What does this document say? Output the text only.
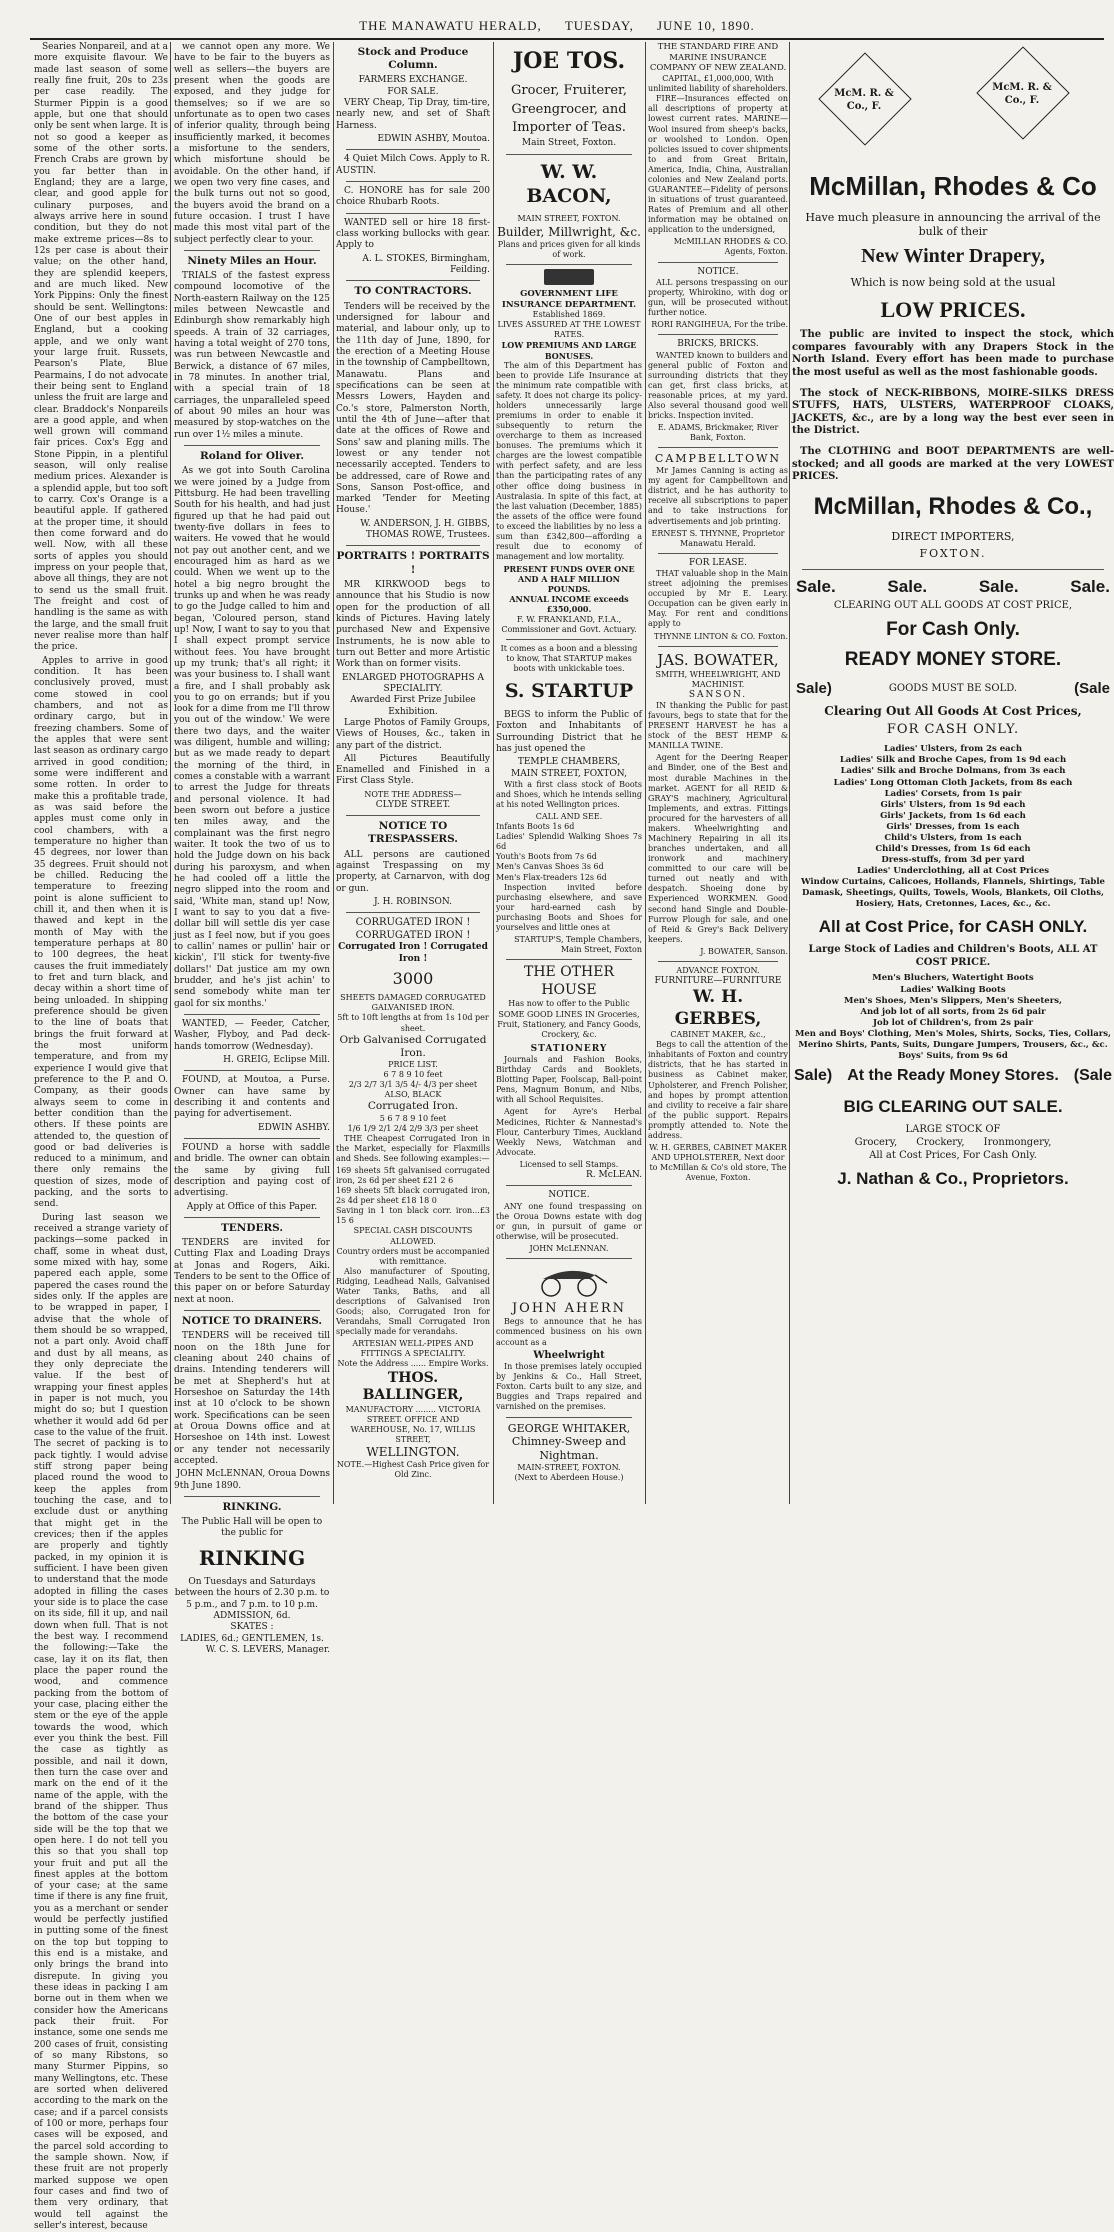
THE MANAWATU HERALD, TUESDAY, JUNE 10, 1890.

Searies Nonpareil, and at a more exquisite flavour. We made last season of some really fine fruit, 20s to 23s per case readily. The Sturmer Pippin is a good apple, but one that should only be sent when large. It is not so good a keeper as some of the other sorts. French Crabs are grown by you far better than in England; they are a large, clear, and good apple for culinary purposes, and always arrive here in sound condition, but they do not make extreme prices—8s to 12s per case is about their value; on the other hand, they are splendid keepers, and are much liked. New York Pippins: Only the finest should be sent. Wellingtons: One of our best apples in England, but a cooking apple, and we only want your large fruit. Russets, Pearson's Plate, Blue Pearmains, I do not advocate their being sent to England unless the fruit are large and clear. Braddock's Nonpareils are a good apple, and when well grown will command fair prices. Cox's Egg and Stone Pippin, in a plentiful season, will only realise medium prices. Alexander is a splendid apple, but too soft to carry. Cox's Orange is a beautiful apple. If gathered at the proper time, it should then come forward and do well. Now, with all these sorts of apples you should impress on your people that, above all things, they are not to send us the small fruit. The freight and cost of handling is the same as with the large, and the small fruit never realise more than half the price.

Apples to arrive in good condition. It has been conclusively proved, must come stowed in cool chambers, and not as ordinary cargo, but in freezing chambers. Some of the apples that were sent last season as ordinary cargo arrived in good condition; some were indifferent and some rotten. In order to make this a profitable trade, as was said before the apples must come only in cool chambers, with a temperature no higher than 45 degrees, nor lower than 35 degrees. Fruit should not be chilled. Reducing the temperature to freezing point is alone sufficient to chill it, and then when it is thawed and kept in the month of May with the temperature perhaps at 80 to 100 degrees, the heat causes the fruit immediately to fret and turn black, and decay within a short time of being unloaded. In shipping preference should be given to the line of boats that brings the fruit forward at the most uniform temperature, and from my experience I would give that preference to the P. and O. Company, as their goods always seem to come in better condition than the others. If these points are attended to, the question of good or bad deliveries is reduced to a minimum, and there only remains the question of sizes, mode of packing, and the sorts to send.

During last season we received a strange variety of packings—some packed in chaff, some in wheat dust, some mixed with hay, some papered each apple, some papered the cases round the sides only. If the apples are to be wrapped in paper, I advise that the whole of them should be so wrapped, not a part only. Avoid chaff and dust by all means, as they only depreciate the value. If the best of wrapping your finest apples in paper is not much, you might do so; but I question whether it would add 6d per case to the value of the fruit. The secret of packing is to pack tightly. I would advise stiff strong paper being placed round the wood to keep the apples from touching the case, and to exclude dust or anything that might get in the crevices; then if the apples are properly and tightly packed, in my opinion it is sufficient. I have been given to understand that the mode adopted in filling the cases your side is to place the case on its side, fill it up, and nail down when full. That is not the best way. I recommend the following:—Take the case, lay it on its flat, then place the paper round the wood, and commence packing from the bottom of your case, placing either the stem or the eye of the apple towards the wood, which ever you think the best. Fill the case as tightly as possible, and nail it down, then turn the case over and mark on the end of it the name of the apple, with the brand of the shipper. Thus the bottom of the case your side will be the top that we open here. I do not tell you this so that you shall top your fruit and put all the finest apples at the bottom of your case; at the same time if there is any fine fruit, you as a merchant or sender would be perfectly justified in putting some of the finest on the top but topping to this end is a mistake, and only brings the brand into disrepute. In giving you these ideas in packing I am borne out in them when we consider how the Americans pack their fruit. For instance, some one sends me 200 cases of fruit, consisting of so many Ribstons, so many Sturmer Pippins, so many Wellingtons, etc. These are sorted when delivered according to the mark on the case; and if a parcel consists of 100 or more, perhaps four cases will be exposed, and the parcel sold according to the sample shown. Now, if these fruit are not properly marked suppose we open four cases and find two of them very ordinary, that would tell against the seller's interest, because

we cannot open any more. We have to be fair to the buyers as well as sellers—the buyers are present when the goods are exposed, and they judge for themselves; so if we are so unfortunate as to open two cases of inferior quality, through being insufficiently marked, it becomes a misfortune to the senders, which misfortune should be avoidable. On the other hand, if we open two very fine cases, and the bulk turns out not so good, the buyers avoid the brand on a future occasion. I trust I have made this most vital part of the subject perfectly clear to your.

Ninety Miles an Hour.

TRIALS of the fastest express compound locomotive of the North-eastern Railway on the 125 miles between Newcastle and Edinburgh show remarkably high speeds. A train of 32 carriages, having a total weight of 270 tons, was run between Newcastle and Berwick, a distance of 67 miles, in 78 minutes. In another trial, with a special train of 18 carriages, the unparalleled speed of about 90 miles an hour was measured by stop-watches on the run over 1½ miles a minute.

Roland for Oliver.

As we got into South Carolina we were joined by a Judge from Pittsburg. He had been travelling South for his health, and had just figured up that he had paid out twenty-five dollars in fees to waiters. He vowed that he would not pay out another cent, and we encouraged him as hard as we could. When we went up to the hotel a big negro brought the trunks up and when he was ready to go the Judge called to him and began, 'Coloured person, stand up! Now, I want to say to you that I shall expect prompt service without fees. You have brought up my trunk; that's all right; it was your business to. I shall want a fire, and I shall probably ask you to go on errands; but if you look for a dime from me I'll throw you out of the window.' We were there two days, and the waiter was diligent, humble and willing; but as we made ready to depart the morning of the third, in comes a constable with a warrant to arrest the Judge for threats and personal violence. It had been sworn out before a justice ten miles away, and the complainant was the first negro waiter. It took the two of us to hold the Judge down on his back during his paroxysm, and when he had cooled off a little the negro slipped into the room and said, 'White man, stand up! Now, I want to say to you dat a five-dollar bill will settle dis yer case just as I feel now, but if you goes to callin' names or pullin' hair or kickin', I'll stick for twenty-five dollars!' Dat justice am my own brudder, and he's jist achin' to send somebody white man ter gaol for six months.'

WANTED, — Feeder, Catcher, Washer, Flyboy, and Pad deck-hands tomorrow (Wednesday).

H. GREIG, Eclipse Mill.

FOUND, at Moutoa, a Purse. Owner can have same by describing it and contents and paying for advertisement.

EDWIN ASHBY.

FOUND a horse with saddle and bridle. The owner can obtain the same by giving full description and paying cost of advertising.

Apply at Office of this Paper.
TENDERS.

TENDERS are invited for Cutting Flax and Loading Drays at Jonas and Rogers, Aiki. Tenders to be sent to the Office of this paper on or before Saturday next at noon.

NOTICE TO DRAINERS.

TENDERS will be received till noon on the 18th June for cleaning about 240 chains of drains. Intending tenderers will be met at Shepherd's hut at Horseshoe on Saturday the 14th inst at 10 o'clock to be shown work. Specifications can be seen at Oroua Downs office and at Horseshoe on 14th inst. Lowest or any tender not necessarily accepted.

JOHN McLENNAN, Oroua Downs
9th June 1890.
RINKING.
The Public Hall will be open to the public for
RINKING
On Tuesdays and Saturdays between the hours of 2.30 p.m. to 5 p.m., and 7 p.m. to 10 p.m.
ADMISSION, 6d.
SKATES :
LADIES, 6d.; GENTLEMEN, 1s.
W. C. S. LEVERS, Manager.
Stock and Produce Column.
FARMERS EXCHANGE.
FOR SALE.

VERY Cheap, Tip Dray, tim-tire, nearly new, and set of Shaft Harness.

EDWIN ASHBY, Moutoa.

4 Quiet Milch Cows. Apply to R. AUSTIN.

C. HONORE has for sale 200 choice Rhubarb Roots.

WANTED sell or hire 18 first-class working bullocks with gear. Apply to

A. L. STOKES, Birmingham, Feilding.
TO CONTRACTORS.

Tenders will be received by the undersigned for labour and material, and labour only, up to the 11th day of June, 1890, for the erection of a Meeting House in the township of Campbelltown, Manawatu. Plans and specifications can be seen at Messrs Lowers, Hayden and Co.'s store, Palmerston North, until the 4th of June—after that date at the offices of Rowe and Sons' saw and planing mills. The lowest or any tender not necessarily accepted. Tenders to be addressed, care of Rowe and Sons, Sanson Post-office, and marked 'Tender for Meeting House.'

W. ANDERSON, J. H. GIBBS, THOMAS ROWE, Trustees.
PORTRAITS ! PORTRAITS !

MR KIRKWOOD begs to announce that his Studio is now open for the production of all kinds of Pictures. Having lately purchased New and Expensive Instruments, he is now able to turn out Better and more Artistic Work than on former visits.

ENLARGED PHOTOGRAPHS A SPECIALITY.
Awarded First Prize Jubilee Exhibition.

Large Photos of Family Groups, Views of Houses, &c., taken in any part of the district.

All Pictures Beautifully Enamelled and Finished in a First Class Style.

NOTE THE ADDRESS—
CLYDE STREET.
NOTICE TO TRESPASSERS.

ALL persons are cautioned against Trespassing on my property, at Carnarvon, with dog or gun.

J. H. ROBINSON.
CORRUGATED IRON !
CORRUGATED IRON !
Corrugated Iron ! Corrugated Iron !
3000
SHEETS DAMAGED CORRUGATED GALVANISED IRON.
5ft to 10ft lengths at from 1s 10d per sheet.
Orb Galvanised Corrugated Iron.
PRICE LIST.
6 7 8 9 10 feet
2/3 2/7 3/1 3/5 4/- 4/3 per sheet
ALSO, BLACK
Corrugated Iron.
5 6 7 8 9 10 feet
1/6 1/9 2/1 2/4 2/9 3/3 per sheet

THE Cheapest Corrugated Iron in the Market, especially for Flaxmills and Sheds. See following examples:—

169 sheets 5ft galvanised corrugated iron, 2s 6d per sheet £21 2 6
169 sheets 5ft black corrugated iron, 2s 4d per sheet £18 18 0
Saving in 1 ton black corr. iron...£3 15 6
SPECIAL CASH DISCOUNTS ALLOWED.
Country orders must be accompanied with remittance.

Also manufacturer of Spouting, Ridging, Leadhead Nails, Galvanised Water Tanks, Baths, and all descriptions of Galvanised Iron Goods; also, Corrugated Iron for Verandahs, Small Corrugated Iron specially made for verandahs.

ARTESIAN WELL-PIPES AND FITTINGS A SPECIALITY.
Note the Address ...... Empire Works.
THOS. BALLINGER,
MANUFACTORY ........ VICTORIA STREET. OFFICE AND WAREHOUSE, No. 17, WILLIS STREET,
WELLINGTON.
NOTE.—Highest Cash Price given for Old Zinc.
JOE TOS.
Grocer, Fruiterer, Greengrocer, and Importer of Teas.
Main Street, Foxton.
W. W. BACON,
MAIN STREET, FOXTON.
Builder, Millwright, &c.
Plans and prices given for all kinds of work.
GOVERNMENT LIFE INSURANCE DEPARTMENT.
Established 1869.
LIVES ASSURED AT THE LOWEST RATES.
LOW PREMIUMS AND LARGE BONUSES.

The aim of this Department has been to provide Life Insurance at the minimum rate compatible with safety. It does not charge its policy-holders unnecessarily large premiums in order to enable it subsequently to return the overcharge to them as increased bonuses. The premiums which it charges are the lowest compatible with perfect safety, and are less than the participating rates of any other office doing business in Australasia. In spite of this fact, at the last valuation (December, 1885) the assets of the office were found to exceed the liabilities by no less a sum than £342,800—affording a result due to economy of management and low mortality.

PRESENT FUNDS OVER ONE AND A HALF MILLION POUNDS.
ANNUAL INCOME exceeds £350,000.
F. W. FRANKLAND, F.I.A., Commissioner and Govt. Actuary.
It comes as a boon and a blessing to know, That STARTUP makes boots with unkickable toes.
S. STARTUP

BEGS to inform the Public of Foxton and Inhabitants of Surrounding District that he has just opened the

TEMPLE CHAMBERS,
MAIN STREET, FOXTON,

With a first class stock of Boots and Shoes, which he intends selling at his noted Wellington prices.

CALL AND SEE.
Infants Boots 1s 6d
Ladies' Splendid Walking Shoes 7s 6d
Youth's Boots from 7s 6d
Men's Canvas Shoes 3s 6d
Men's Flax-treaders 12s 6d

Inspection invited before purchasing elsewhere, and save your hard-earned cash by purchasing Boots and Shoes for yourselves and little ones at

STARTUP'S, Temple Chambers, Main Street, Foxton
THE OTHER HOUSE
Has now to offer to the Public SOME GOOD LINES IN Groceries, Fruit, Stationery, and Fancy Goods, Crockery, &c.
STATIONERY

Journals and Fashion Books, Birthday Cards and Booklets, Blotting Paper, Foolscap, Ball-point Pens, Magnum Bonum, and Nibs, with all School Requisites.

Agent for Ayre's Herbal Medicines, Richter & Nannestad's Flour, Canterbury Times, Auckland Weekly News, Watchman and Advocate.

Licensed to sell Stamps.
R. McLEAN.
NOTICE.

ANY one found trespassing on the Oroua Downs estate with dog or gun, in pursuit of game or otherwise, will be prosecuted.

JOHN McLENNAN.
JOHN AHERN

Begs to announce that he has commenced business on his own account as a

Wheelwright

In those premises lately occupied by Jenkins & Co., Hall Street, Foxton. Carts built to any size, and Buggies and Traps repaired and varnished on the premises.

GEORGE WHITAKER,
Chimney-Sweep and Nightman.
MAIN-STREET, FOXTON.
(Next to Aberdeen House.)
THE STANDARD FIRE AND MARINE INSURANCE COMPANY OF NEW ZEALAND.
CAPITAL, £1,000,000, With unlimited liability of shareholders.

FIRE—Insurances effected on all descriptions of property at lowest current rates. MARINE—Wool insured from sheep's backs, or woolshed to London. Open policies issued to cover shipments to and from Great Britain, America, India, China, Australian colonies and New Zealand ports. GUARANTEE—Fidelity of persons in situations of trust guaranteed. Rates of Premium and all other information may be obtained on application to the undersigned,

McMILLAN RHODES & CO. Agents, Foxton.
NOTICE.

ALL persons trespassing on our property, Whirokino, with dog or gun, will be prosecuted without further notice.

RORI RANGIHEUA, For the tribe.
BRICKS, BRICKS.

WANTED known to builders and general public of Foxton and surrounding districts that they can get, first class bricks, at reasonable prices, at my yard. Also several thousand good well bricks. Inspection invited.

E. ADAMS, Brickmaker, River Bank, Foxton.
CAMPBELLTOWN

Mr James Canning is acting as my agent for Campbelltown and district, and he has authority to receive all subscriptions to paper and to take instructions for advertisements and job printing.

ERNEST S. THYNNE, Proprietor Manawatu Herald.
FOR LEASE.

THAT valuable shop in the Main street adjoining the premises occupied by Mr E. Leary. Occupation can be given early in May. For rent and conditions apply to

THYNNE LINTON & CO. Foxton.
JAS. BOWATER,
SMITH, WHEELWRIGHT, AND MACHINIST.
SANSON.

IN thanking the Public for past favours, begs to state that for the PRESENT HARVEST he has a stock of the BEST HEMP & MANILLA TWINE.

Agent for the Deering Reaper and Binder, one of the Best and most durable Machines in the market. AGENT for all REID & GRAY'S machinery, Agricultural Implements, and extras. Fittings procured for the harvesters of all makers. Wheelwrighting and Machinery Repairing in all its branches undertaken, and all ironwork and machinery committed to our care will be turned out neatly and with despatch. Shoeing done by Experienced WORKMEN. Good second hand Single and Double-Furrow Plough for sale, and one of Reid & Grey's Back Delivery keepers.

J. BOWATER, Sanson.
ADVANCE FOXTON.
FURNITURE—FURNITURE
W. H. GERBES,
CABINET MAKER, &c.,

Begs to call the attention of the inhabitants of Foxton and country districts, that he has started in business as Cabinet maker, Upholsterer, and French Polisher, and hopes by prompt attention and civility to receive a fair share of the public support. Repairs promptly attended to. Note the address.

W. H. GERBES, CABINET MAKER AND UPHOLSTERER, Next door to McMillan & Co's old store, The Avenue, Foxton.
McM. R. & Co., F.
McM. R. & Co., F.
McMillan, Rhodes & Co
Have much pleasure in announcing the arrival of the bulk of their
New Winter Drapery,
Which is now being sold at the usual
LOW PRICES.

The public are invited to inspect the stock, which compares favourably with any Drapers Stock in the North Island. Every effort has been made to purchase the most useful as well as the most fashionable goods.

The stock of NECK-RIBBONS, MOIRE-SILKS DRESS STUFFS, HATS, ULSTERS, WATERPROOF CLOAKS, JACKETS, &c., are by a long way the best ever seen in the District.

The CLOTHING and BOOT DEPARTMENTS are well-stocked; and all goods are marked at the very LOWEST PRICES.

McMillan, Rhodes & Co.,
DIRECT IMPORTERS,
FOXTON.
Sale.	Sale.	Sale.	Sale.
CLEARING OUT ALL GOODS AT COST PRICE,
For Cash Only.
READY MONEY STORE.
Sale)	GOODS MUST BE SOLD.	(Sale
Clearing Out All Goods At Cost Prices,
FOR CASH ONLY.
Ladies' Ulsters, from 2s each
Ladies' Silk and Broche Capes, from 1s 9d each
Ladies' Silk and Broche Dolmans, from 3s each
Ladies' Long Ottoman Cloth Jackets, from 8s each
Ladies' Corsets, from 1s pair
Girls' Ulsters, from 1s 9d each
Girls' Jackets, from 1s 6d each
Girls' Dresses, from 1s each
Child's Ulsters, from 1s each
Child's Dresses, from 1s 6d each
Dress-stuffs, from 3d per yard
Ladies' Underclothing, all at Cost Prices
Window Curtains, Calicoes, Hollands, Flannels, Shirtings, Table Damask, Sheetings, Quilts, Towels, Wools, Blankets, Oil Cloths, Hosiery, Hats, Cretonnes, Laces, &c., &c.
All at Cost Price, for CASH ONLY.
Large Stock of Ladies and Children's Boots, ALL AT COST PRICE.
Men's Bluchers, Watertight Boots
Ladies' Walking Boots
Men's Shoes, Men's Slippers, Men's Sheeters,
And job lot of all sorts, from 2s 6d pair
Job lot of Children's, from 2s pair
Men and Boys' Clothing, Men's Moles, Shirts, Socks, Ties, Collars, Merino Shirts, Pants, Suits, Dungare Jumpers, Trousers, &c., &c.
Boys' Suits, from 9s 6d
Sale) At the Ready Money Stores. (Sale
BIG CLEARING OUT SALE.
LARGE STOCK OF
Grocery,      Crockery,      Ironmongery,
All at Cost Prices, For Cash Only.
J. Nathan & Co., Proprietors.
